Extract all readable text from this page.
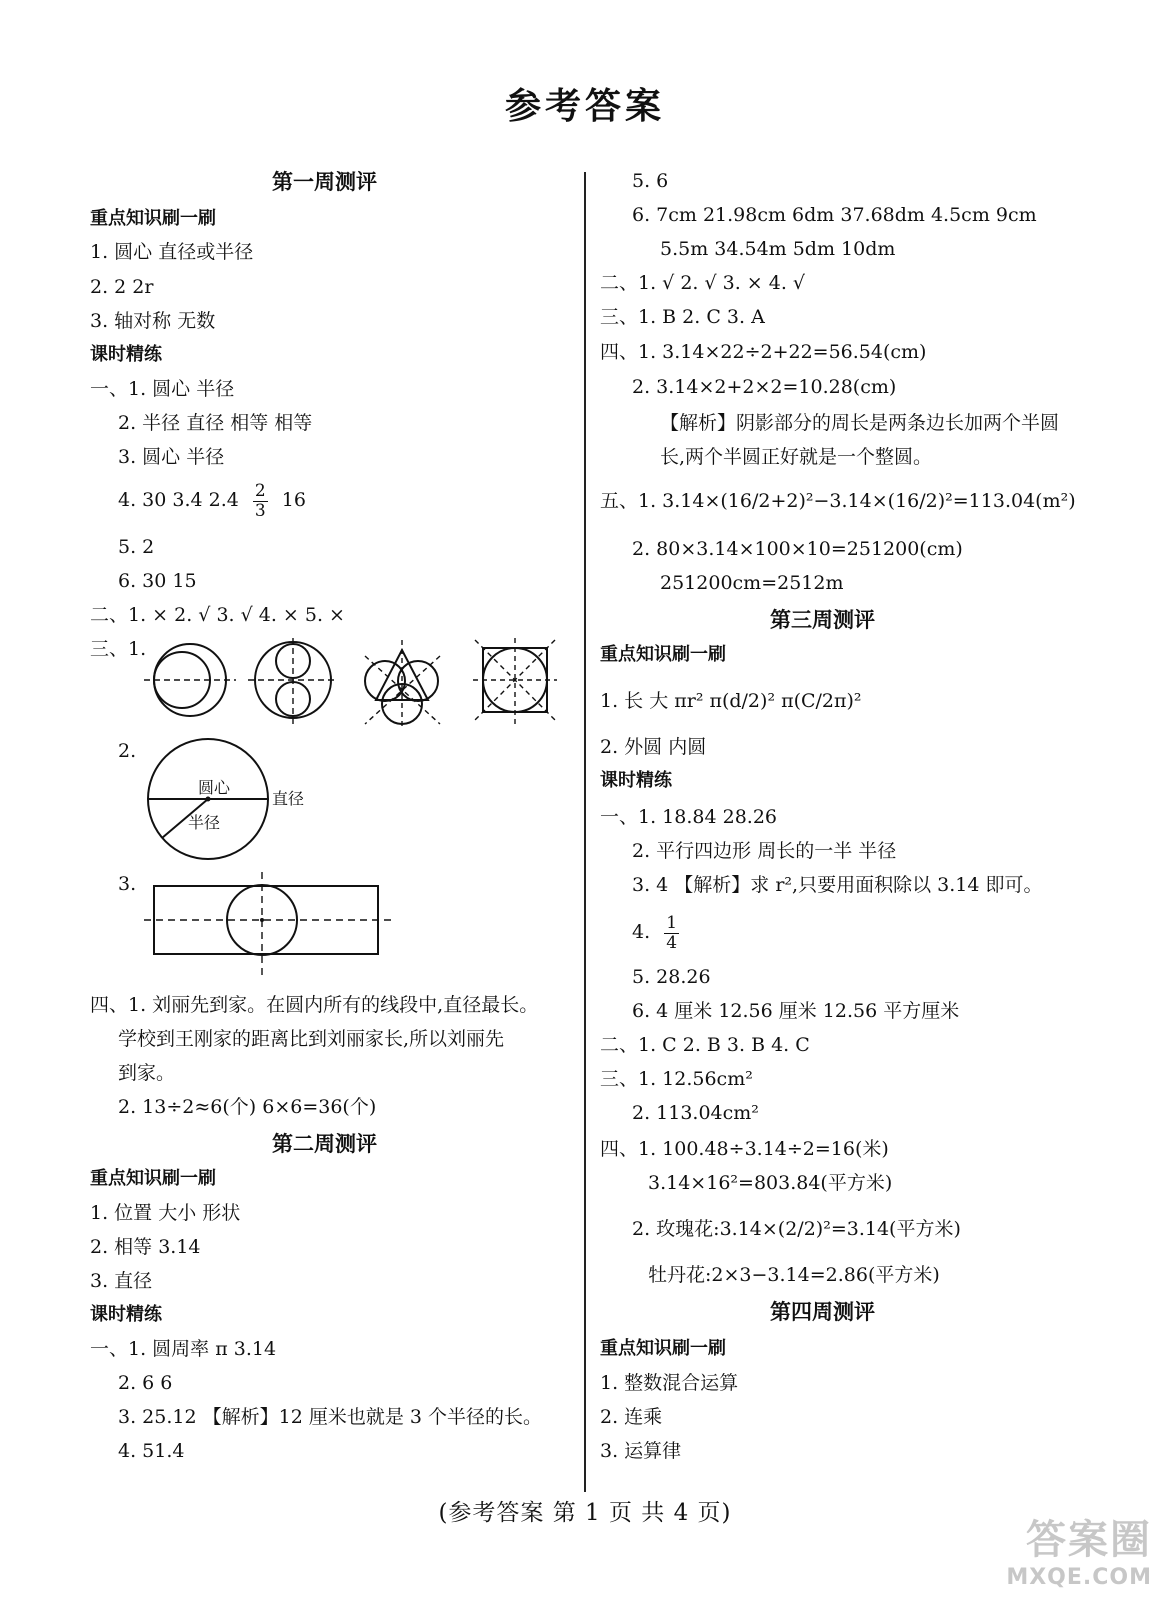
参考答案
第一周测评
重点知识刷一刷
1. 圆心 直径或半径
2. 2 2r
3. 轴对称 无数
课时精练
一、1. 圆心 半径
2. 半径 直径 相等 相等
3. 圆心 半径
4. 30 3.4 $2.4 \frac{2}{3} 16$
5. 2
6. 30 15
二、1. × 2. √ 3. √ 4. × 5. ×
三、1.
2.
圆心
直径
半径
3.
四、1. 刘丽先到家。在圆内所有的线段中,直径最长。
学校到王刚家的距离比到刘丽家长,所以刘丽先
到家。
2. 13÷2≈6(个) 6×6=36(个)
第二周测评
重点知识刷一刷
1. 位置 大小 形状
2. 相等 3.14
3. 直径
课时精练
一、1. 圆周率 π 3.14
2. 6 6
3. 25.12 【解析】12 厘米也就是 3 个半径的长。
4. 51.4
5. 6
6. 7cm 21.98cm 6dm 37.68dm 4.5cm 9cm
5.5m 34.54m 5dm 10dm
二、1. √ 2. √ 3. × 4. √
三、1. B 2. C 3. A
四、1. 3.14×22÷2+22=56.54(cm)
2. 3.14×2+2×2=10.28(cm)
【解析】阴影部分的周长是两条边长加两个半圆
长,两个半圆正好就是一个整圆。
五、1. 3.14×(16/2+2)²−3.14×(16/2)²=113.04(m²)
2. 80×3.14×100×10=251200(cm)
251200cm=2512m
第三周测评
重点知识刷一刷
1. 长 大 πr² π(d/2)² π(C/2π)²
2. 外圆 内圆
课时精练
一、1. 18.84 28.26
2. 平行四边形 周长的一半 半径
3. 4 【解析】求 r²,只要用面积除以 3.14 即可。
4. $\frac{1}{4}$
5. 28.26
6. 4 厘米 12.56 厘米 12.56 平方厘米
二、1. C 2. B 3. B 4. C
三、1. 12.56cm²
2. 113.04cm²
四、1. 100.48÷3.14÷2=16(米)
3.14×16²=803.84(平方米)
2. 玫瑰花:3.14×(2/2)²=3.14(平方米)
牡丹花:2×3−3.14=2.86(平方米)
第四周测评
重点知识刷一刷
1. 整数混合运算
2. 连乘
3. 运算律
(参考答案 第 1 页 共 4 页)
答案圈
MXQE.COM
